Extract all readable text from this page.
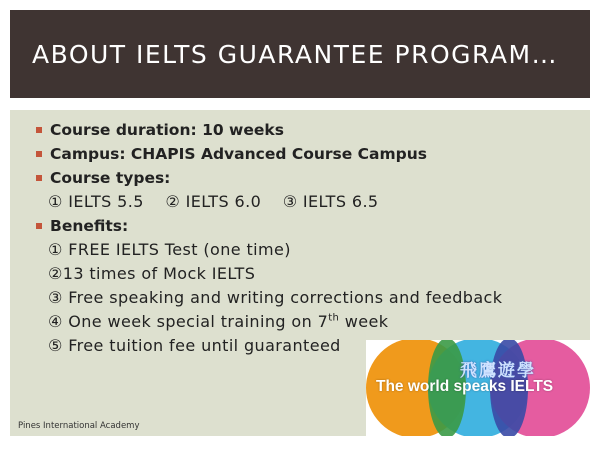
ABOUT IELTS GUARANTEE PROGRAM…
Course duration: 10 weeks
Campus: CHAPIS Advanced Course Campus
Course types:
① IELTS 5.5 ② IELTS 6.0 ③ IELTS 6.5
Benefits:
① FREE IELTS Test (one time)
②13 times of Mock IELTS
③ Free speaking and writing corrections and feedback
④ One week special training on 7th week
⑤ Free tuition fee until guaranteed
Pines International Academy
飛鷹遊學
The world speaks IELTS
